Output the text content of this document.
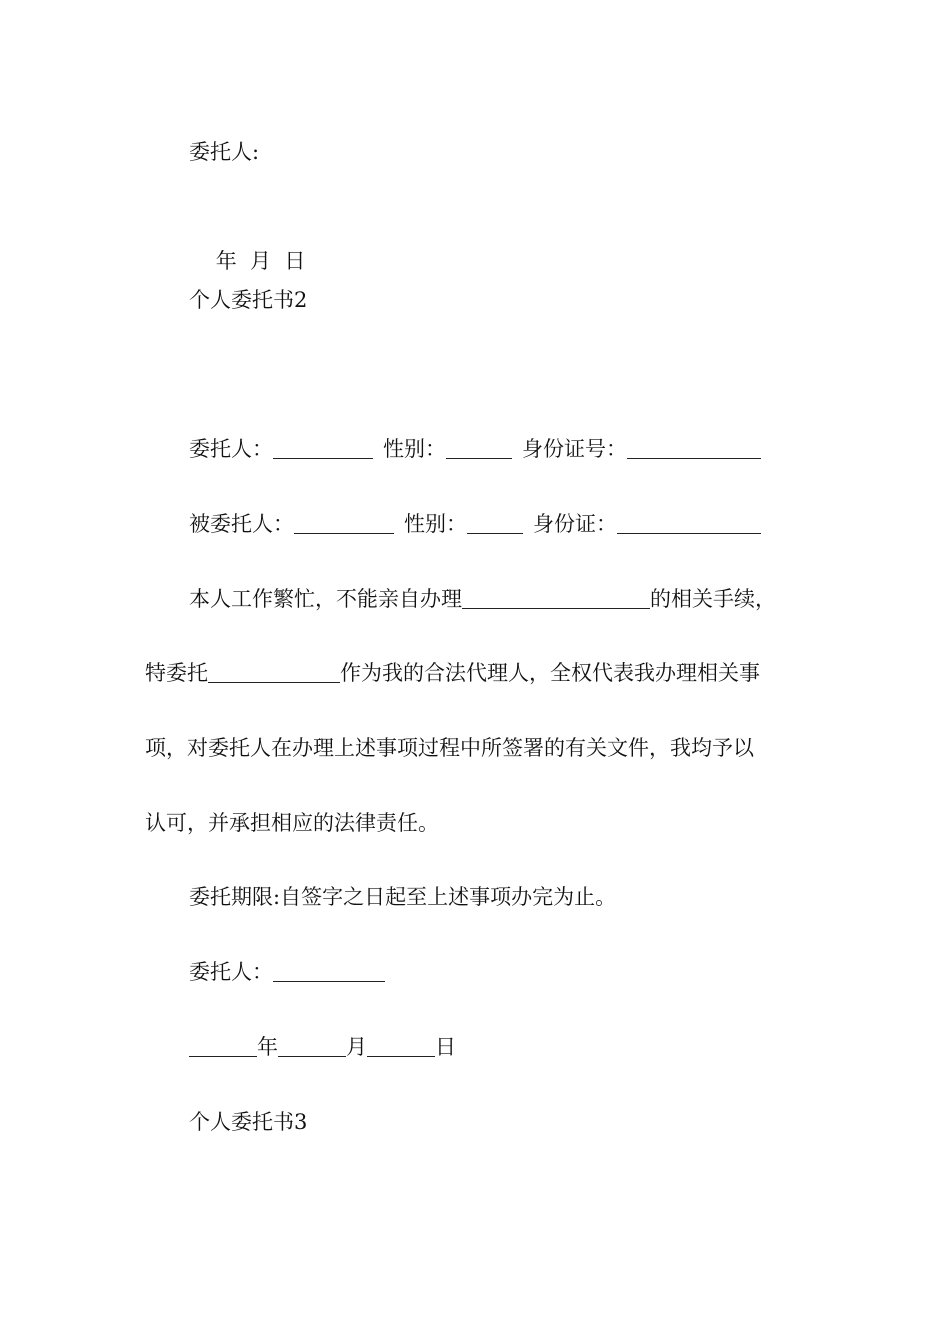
委托人:

年  月  日

个人委托书2
委托人：	性别：	身份证号：
被委托人：	性别：	身份证：
本人工作繁忙，不能亲自办理	的相关手续，
特委托	作为我的合法代理人，全权代表我办理相关事
项，对委托人在办理上述事项过程中所签署的有关文件，我均予以
认可，并承担相应的法律责任。
委托期限:自签字之日起至上述事项办完为止。
委托人：
年	月	日
个人委托书3
